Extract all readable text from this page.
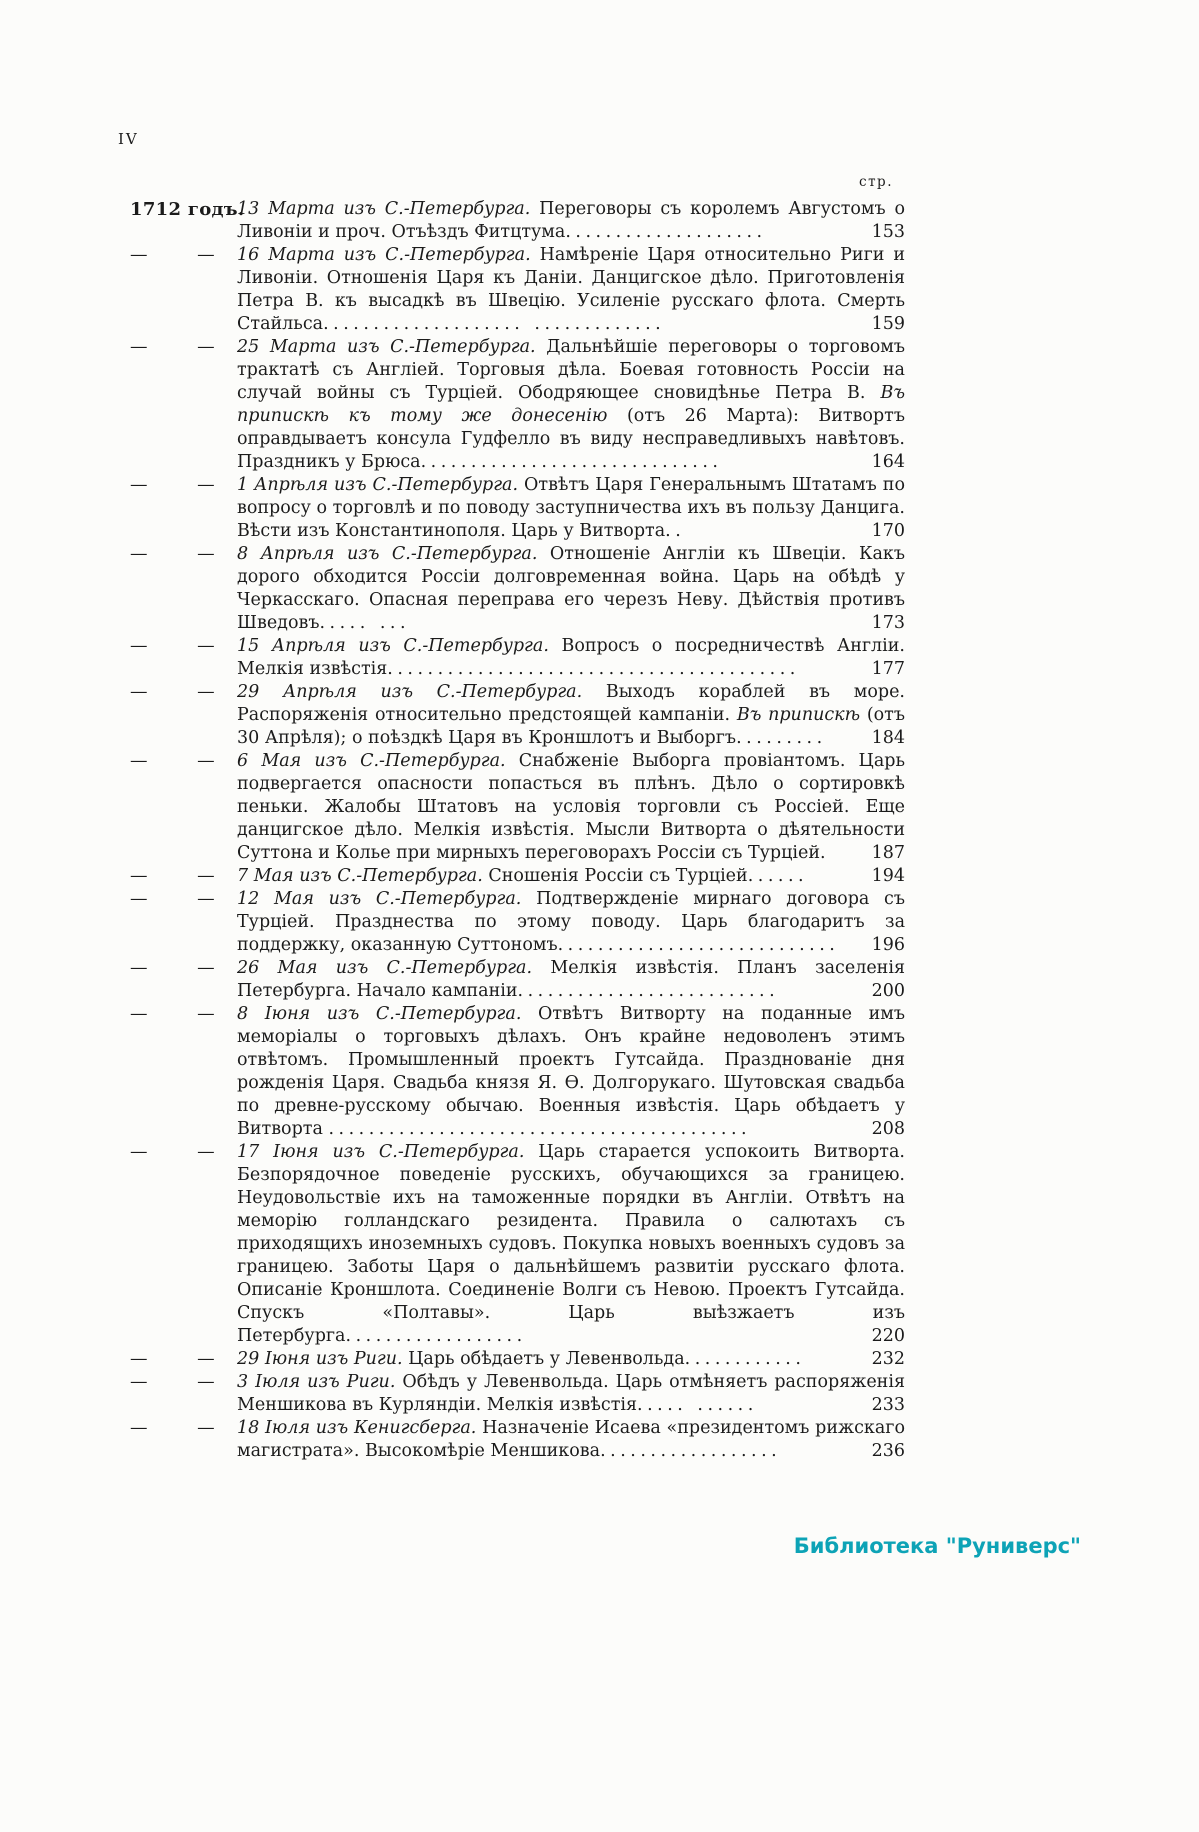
IV
стр.
1712 годъ.
13 Марта изъ С.-Петербурга. Переговоры съ королемъ Августомъ о Ливоніи и проч. Отъѣздъ Фитцтума....................	153
— —	16 Марта изъ С.-Петербурга. Намѣреніе Царя относительно Риги и Ливоніи. Отношенія Царя къ Даніи. Данцигское дѣло. Приготовленія Петра В. къ высадкѣ въ Швецію. Усиленіе русскаго флота. Смерть Стайльса.................... .............	159
— —	25 Марта изъ С.-Петербурга. Дальнѣйшіе переговоры о торговомъ трактатѣ съ Англіей. Торговыя дѣла. Боевая готовность Россіи на случай войны съ Турціей. Ободряющее сновидѣнье Петра В. Въ припискѣ къ тому же донесенію (отъ 26 Марта): Витвортъ оправдываетъ консула Гудфелло въ виду несправедливыхъ навѣтовъ. Праздникъ у Брюса..............................	164
— —	1 Апрѣля изъ С.-Петербурга. Отвѣтъ Царя Генеральнымъ Штатамъ по вопросу о торговлѣ и по поводу заступничества ихъ въ пользу Данцига. Вѣсти изъ Константинополя. Царь у Витворта..	170
— —	8 Апрѣля изъ С.-Петербурга. Отношеніе Англіи къ Швеціи. Какъ дорого обходится Россіи долговременная война. Царь на обѣдѣ у Черкасскаго. Опасная переправа его черезъ Неву. Дѣйствія противъ Шведовъ..... ...	173
— —	15 Апрѣля изъ С.-Петербурга. Вопросъ о посредничествѣ Англіи. Мелкія извѣстія.........................................	177
— —	29 Апрѣля изъ С.-Петербурга. Выходъ кораблей въ море. Распоряженія относительно предстоящей кампаніи. Въ припискѣ (отъ 30 Апрѣля); о поѣздкѣ Царя въ Кроншлотъ и Выборгъ.........	184
— —	6 Мая изъ С.-Петербурга. Снабженіе Выборга провіантомъ. Царь подвергается опасности попасться въ плѣнъ. Дѣло о сортировкѣ пеньки. Жалобы Штатовъ на условія торговли съ Россіей. Еще данцигское дѣло. Мелкія извѣстія. Мысли Витворта о дѣятельности Суттона и Колье при мирныхъ переговорахъ Россіи съ Турціей.	187
— —	7 Мая изъ С.-Петербурга. Сношенія Россіи съ Турціей......	194
— —	12 Мая изъ С.-Петербурга. Подтвержденіе мирнаго договора съ Турціей. Празднества по этому поводу. Царь благодаритъ за поддержку, оказанную Суттономъ............................	196
— —	26 Мая изъ С.-Петербурга. Мелкія извѣстія. Планъ заселенія Петербурга. Начало кампаніи..........................	200
— —	8 Іюня изъ С.-Петербурга. Отвѣтъ Витворту на поданные имъ меморіалы о торговыхъ дѣлахъ. Онъ крайне недоволенъ этимъ отвѣтомъ. Промышленный проектъ Гутсайда. Празднованіе дня рожденія Царя. Свадьба князя Я. Ѳ. Долгорукаго. Шутовская свадьба по древне-русскому обычаю. Военныя извѣстія. Царь обѣдаетъ у Витворта ..........................................	208
— —	17 Іюня изъ С.-Петербурга. Царь старается успокоить Витворта. Безпорядочное поведеніе русскихъ, обучающихся за границею. Неудовольствіе ихъ на таможенные порядки въ Англіи. Отвѣтъ на меморію голландскаго резидента. Правила о салютахъ съ приходящихъ иноземныхъ судовъ. Покупка новыхъ военныхъ судовъ за границею. Заботы Царя о дальнѣйшемъ развитіи русскаго флота. Описаніе Кроншлота. Соединеніе Волги съ Невою. Проектъ Гутсайда. Спускъ «Полтавы». Царь выѣзжаетъ изъ Петербурга..................	220
— —	29 Іюня изъ Риги. Царь обѣдаетъ у Левенвольда............	232
— —	3 Іюля изъ Риги. Обѣдъ у Левенвольда. Царь отмѣняетъ распоряженія Меншикова въ Курляндіи. Мелкія извѣстія..... ......	233
— —	18 Іюля изъ Кенигсберга. Назначеніе Исаева «президентомъ рижскаго магистрата». Высокомѣріе Меншикова..................	236
Библиотека "Руниверс"
